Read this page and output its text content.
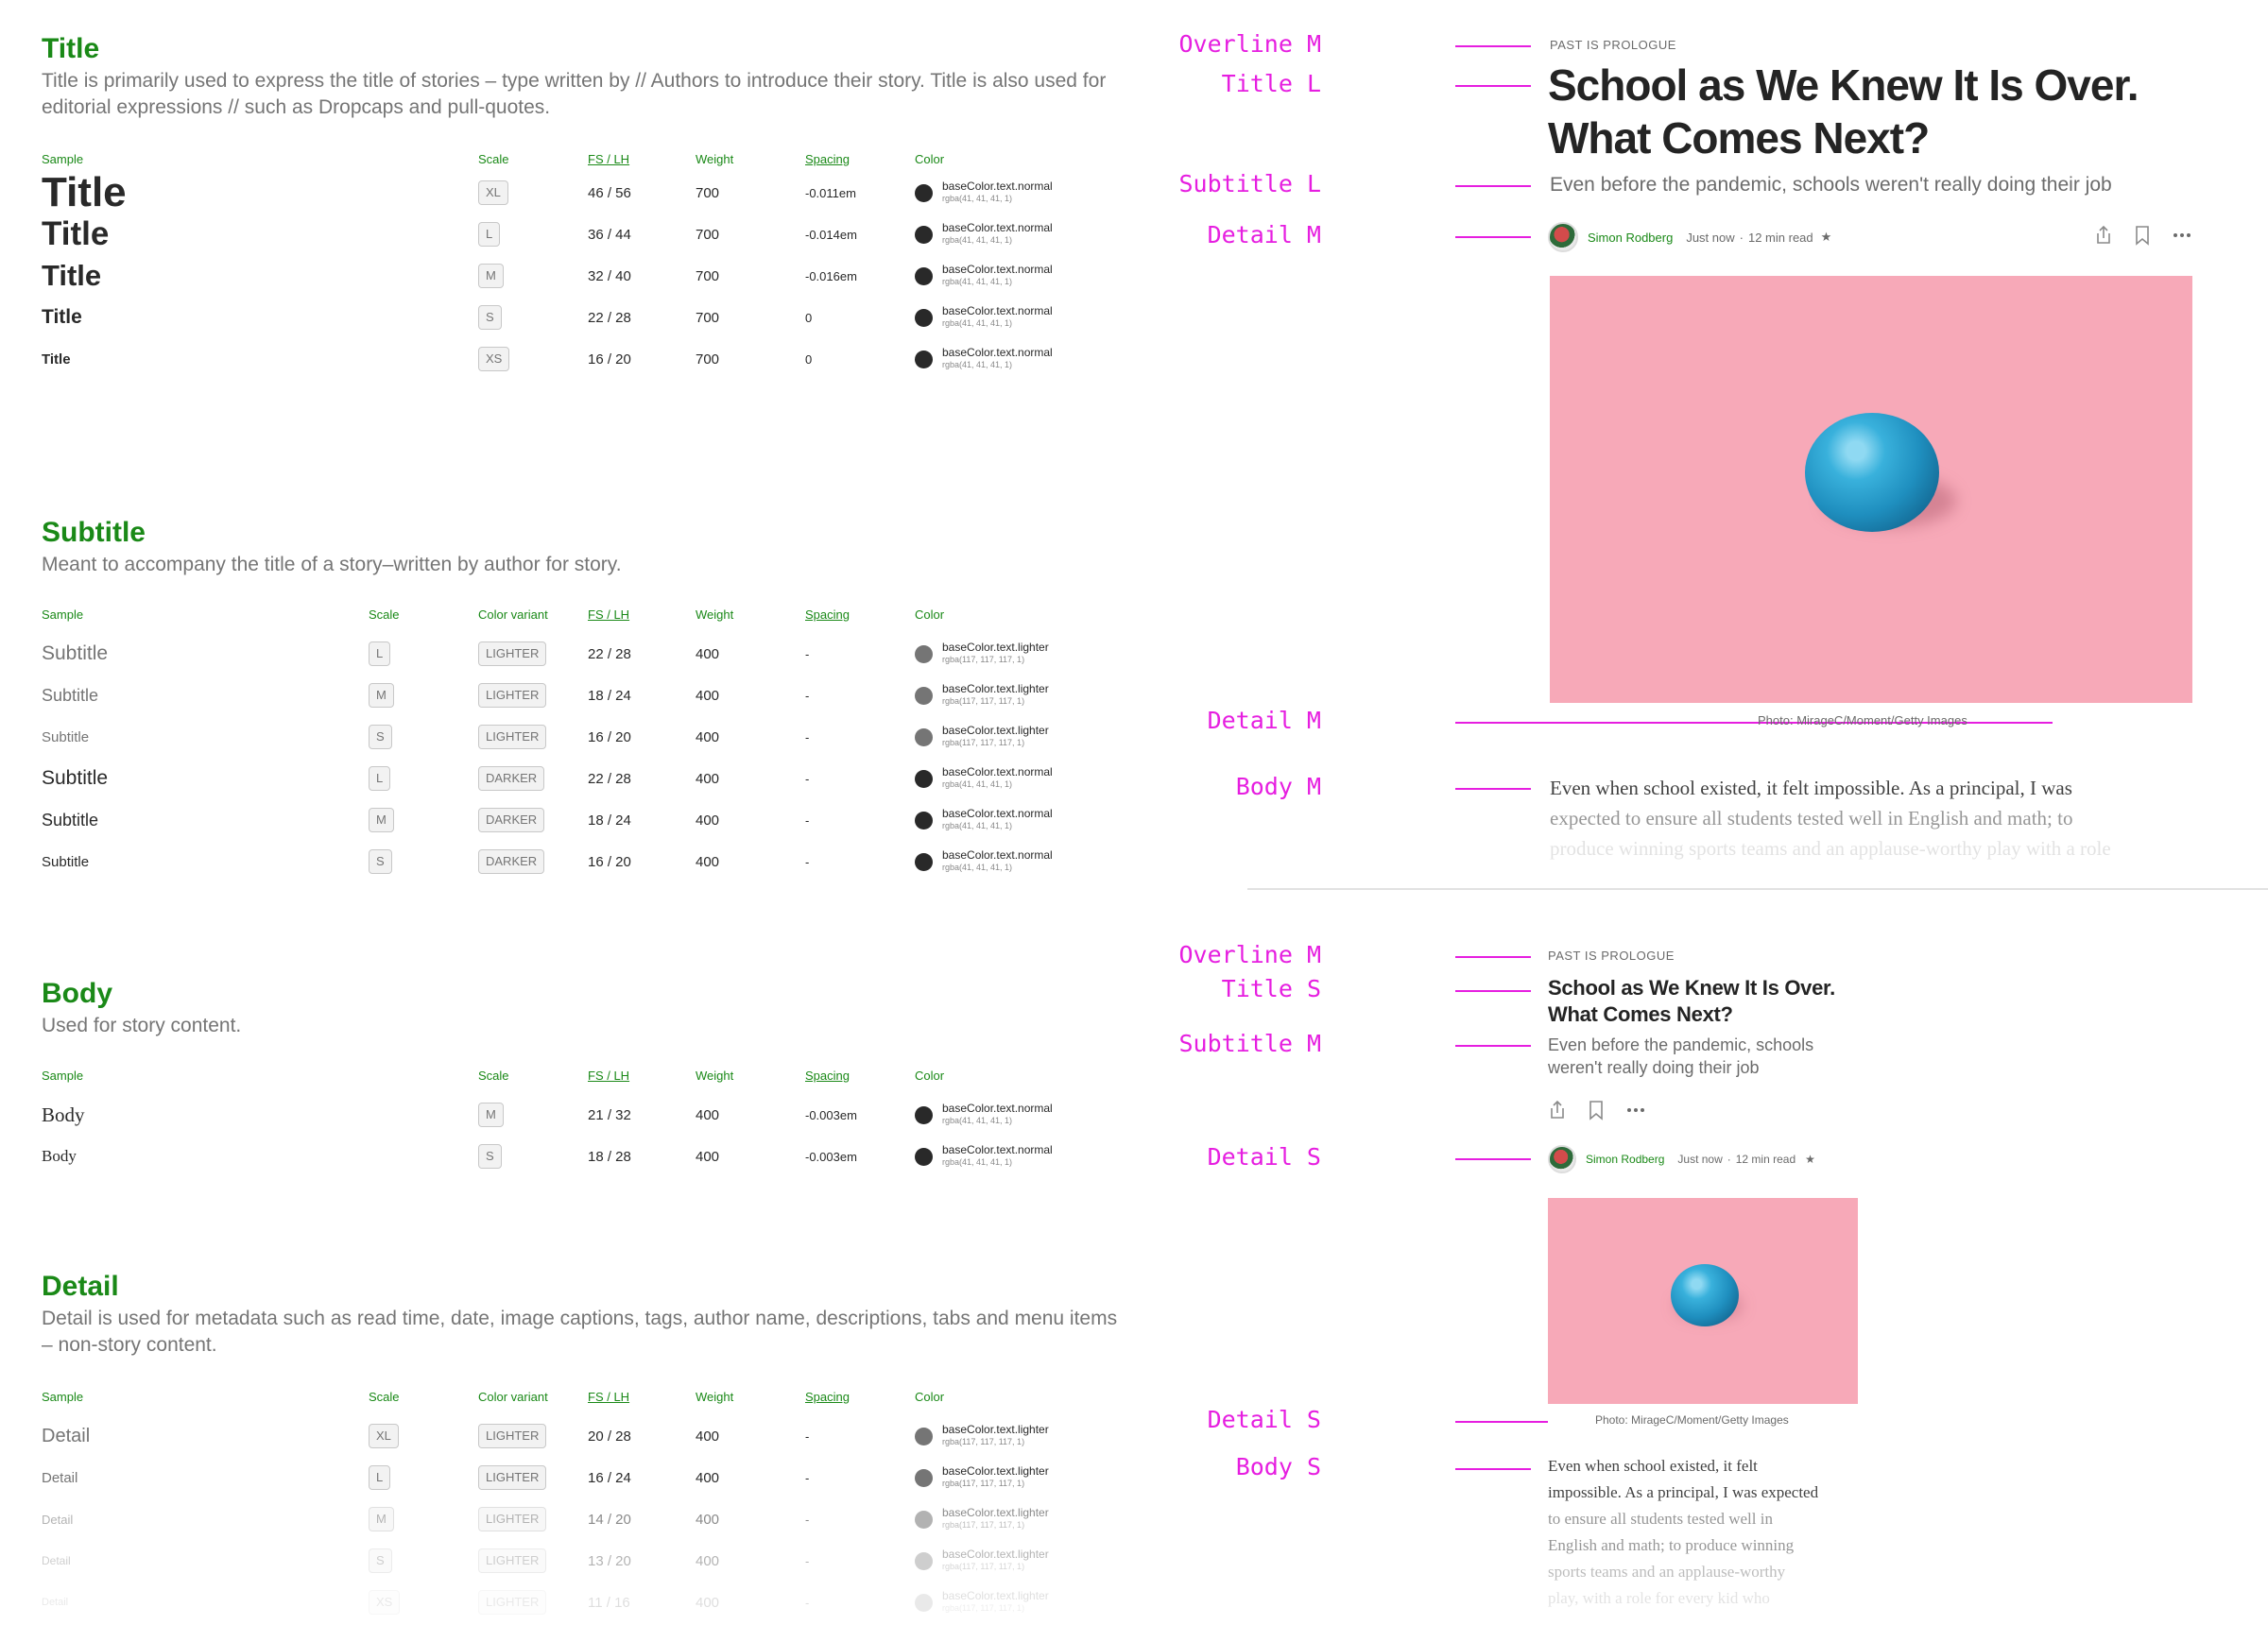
Title
Title is primarily used to express the title of stories – type written by // Authors to introduce their story. Title is also used for editorial expressions // such as Dropcaps and pull-quotes.
Sample	Scale	FS / LH	Weight	Spacing	Color
Title	XL	46 / 56	700	-0.011em	baseColor.text.normal
rgba(41, 41, 41, 1)
Title	L	36 / 44	700	-0.014em	baseColor.text.normal
rgba(41, 41, 41, 1)
Title	M	32 / 40	700	-0.016em	baseColor.text.normal
rgba(41, 41, 41, 1)
Title	S	22 / 28	700	0	baseColor.text.normal
rgba(41, 41, 41, 1)
Title	XS	16 / 20	700	0	baseColor.text.normal
rgba(41, 41, 41, 1)
Subtitle
Meant to accompany the title of a story–written by author for story.
Sample	Scale	Color variant	FS / LH	Weight	Spacing	Color
Subtitle	L	LIGHTER	22 / 28	400	-	baseColor.text.lighter
rgba(117, 117, 117, 1)
Subtitle	M	LIGHTER	18 / 24	400	-	baseColor.text.lighter
rgba(117, 117, 117, 1)
Subtitle	S	LIGHTER	16 / 20	400	-	baseColor.text.lighter
rgba(117, 117, 117, 1)
Subtitle	L	DARKER	22 / 28	400	-	baseColor.text.normal
rgba(41, 41, 41, 1)
Subtitle	M	DARKER	18 / 24	400	-	baseColor.text.normal
rgba(41, 41, 41, 1)
Subtitle	S	DARKER	16 / 20	400	-	baseColor.text.normal
rgba(41, 41, 41, 1)
Body
Used for story content.
Sample	Scale	FS / LH	Weight	Spacing	Color
Body	M	21 / 32	400	-0.003em	baseColor.text.normal
rgba(41, 41, 41, 1)
Body	S	18 / 28	400	-0.003em	baseColor.text.normal
rgba(41, 41, 41, 1)
Detail
Detail is used for metadata such as read time, date, image captions, tags, author name, descriptions, tabs and menu items – non-story content.
Sample	Scale	Color variant	FS / LH	Weight	Spacing	Color
Detail	XL	LIGHTER	20 / 28	400	-	baseColor.text.lighter
rgba(117, 117, 117, 1)
Detail	L	LIGHTER	16 / 24	400	-	baseColor.text.lighter
rgba(117, 117, 117, 1)
Detail	M	LIGHTER	14 / 20	400	-	baseColor.text.lighter
rgba(117, 117, 117, 1)
Detail	S	LIGHTER	13 / 20	400	-	baseColor.text.lighter
rgba(117, 117, 117, 1)
Detail	XS	LIGHTER	11 / 16	400	-	baseColor.text.lighter
rgba(117, 117, 117, 1)
Overline M	PAST IS PROLOGUE
Title L	School as We Knew It Is Over.
What Comes Next?
Subtitle L	Even before the pandemic, schools weren't really doing their job
Detail M	Simon Rodberg Just now · 12 min read ★
Detail M	Photo: MirageC/Moment/Getty Images
Body M	Even when school existed, it felt impossible. As a principal, I was
expected to ensure all students tested well in English and math; to
produce winning sports teams and an applause-worthy play with a role
Overline M	PAST IS PROLOGUE
Title S	School as We Knew It Is Over.
What Comes Next?
Subtitle M	Even before the pandemic, schools
weren't really doing their job
Detail S	Simon Rodberg Just now · 12 min read ★
Detail S	Photo: MirageC/Moment/Getty Images
Body S	Even when school existed, it felt
impossible. As a principal, I was expected
to ensure all students tested well in
English and math; to produce winning
sports teams and an applause-worthy
play, with a role for every kid who
